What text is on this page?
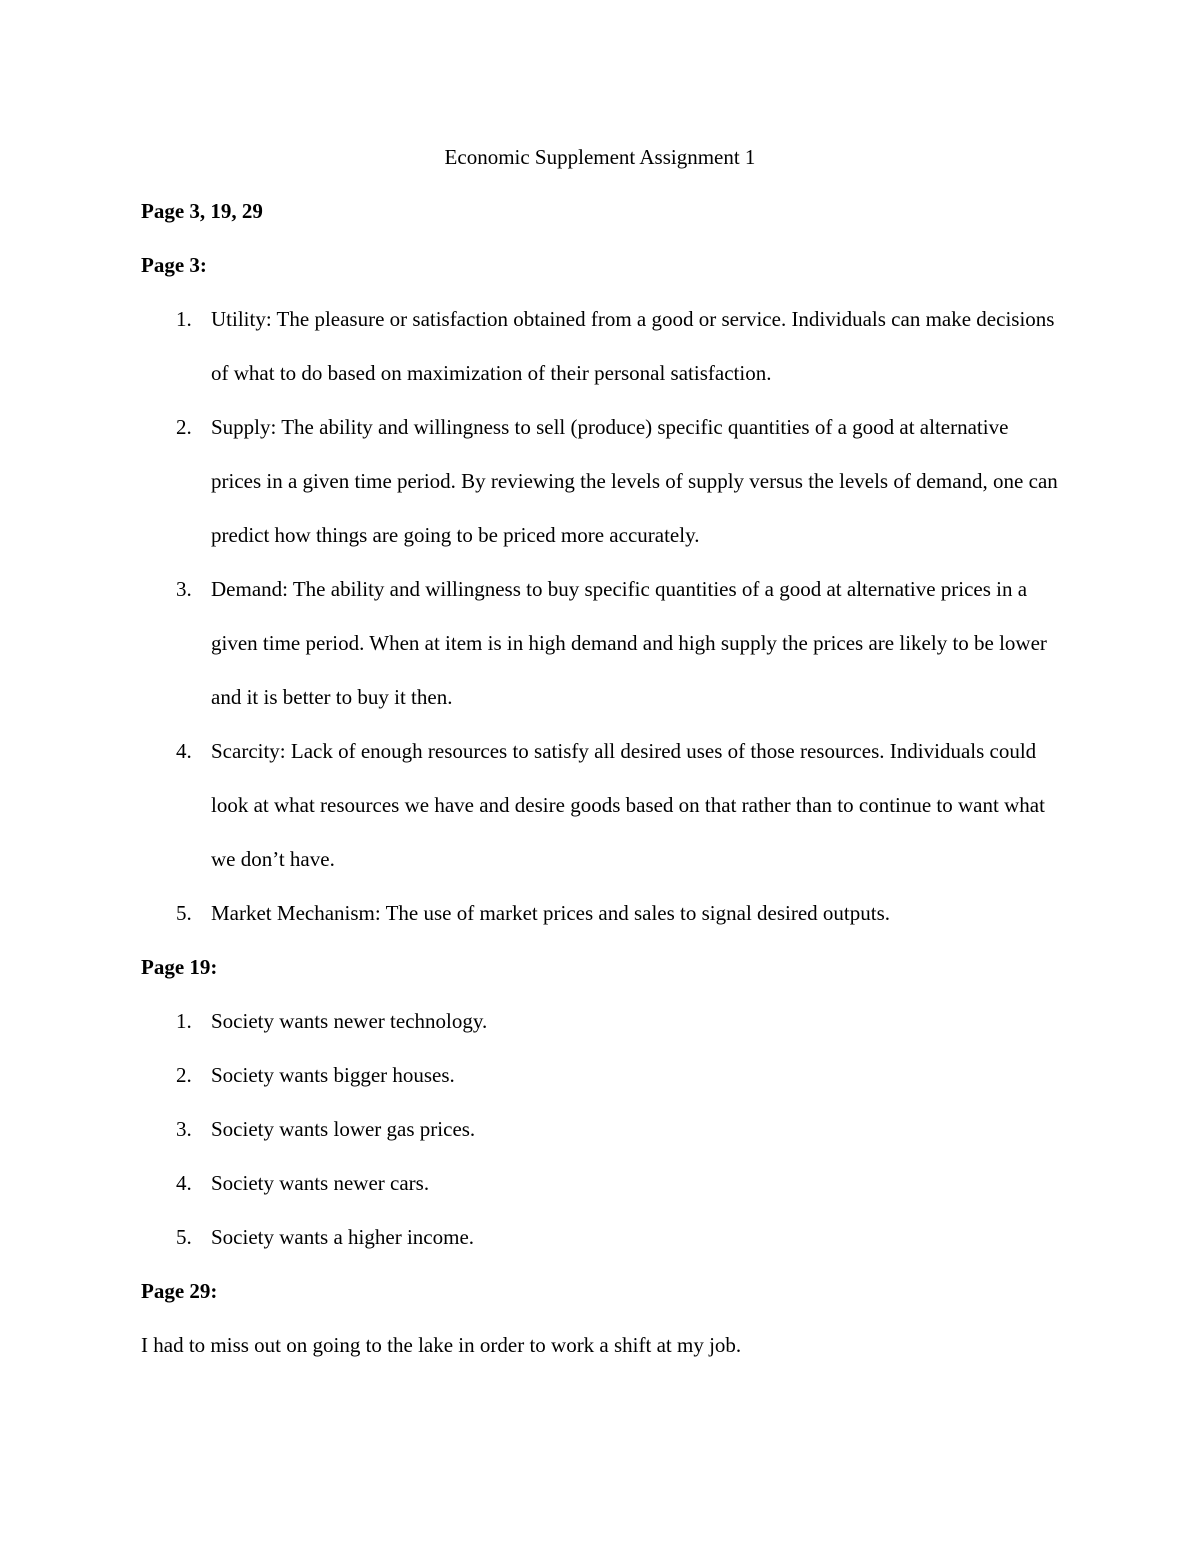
Economic Supplement Assignment 1

Page 3, 19, 29

Page 3:

1. Utility: The pleasure or satisfaction obtained from a good or service. Individuals can make decisions of what to do based on maximization of their personal satisfaction.
2. Supply: The ability and willingness to sell (produce) specific quantities of a good at alternative prices in a given time period. By reviewing the levels of supply versus the levels of demand, one can predict how things are going to be priced more accurately.
3. Demand: The ability and willingness to buy specific quantities of a good at alternative prices in a given time period. When at item is in high demand and high supply the prices are likely to be lower and it is better to buy it then.
4. Scarcity: Lack of enough resources to satisfy all desired uses of those resources. Individuals could look at what resources we have and desire goods based on that rather than to continue to want what we don’t have.
5. Market Mechanism: The use of market prices and sales to signal desired outputs.

Page 19:

1. Society wants newer technology.
2. Society wants bigger houses.
3. Society wants lower gas prices.
4. Society wants newer cars.
5. Society wants a higher income.

Page 29:

I had to miss out on going to the lake in order to work a shift at my job.
